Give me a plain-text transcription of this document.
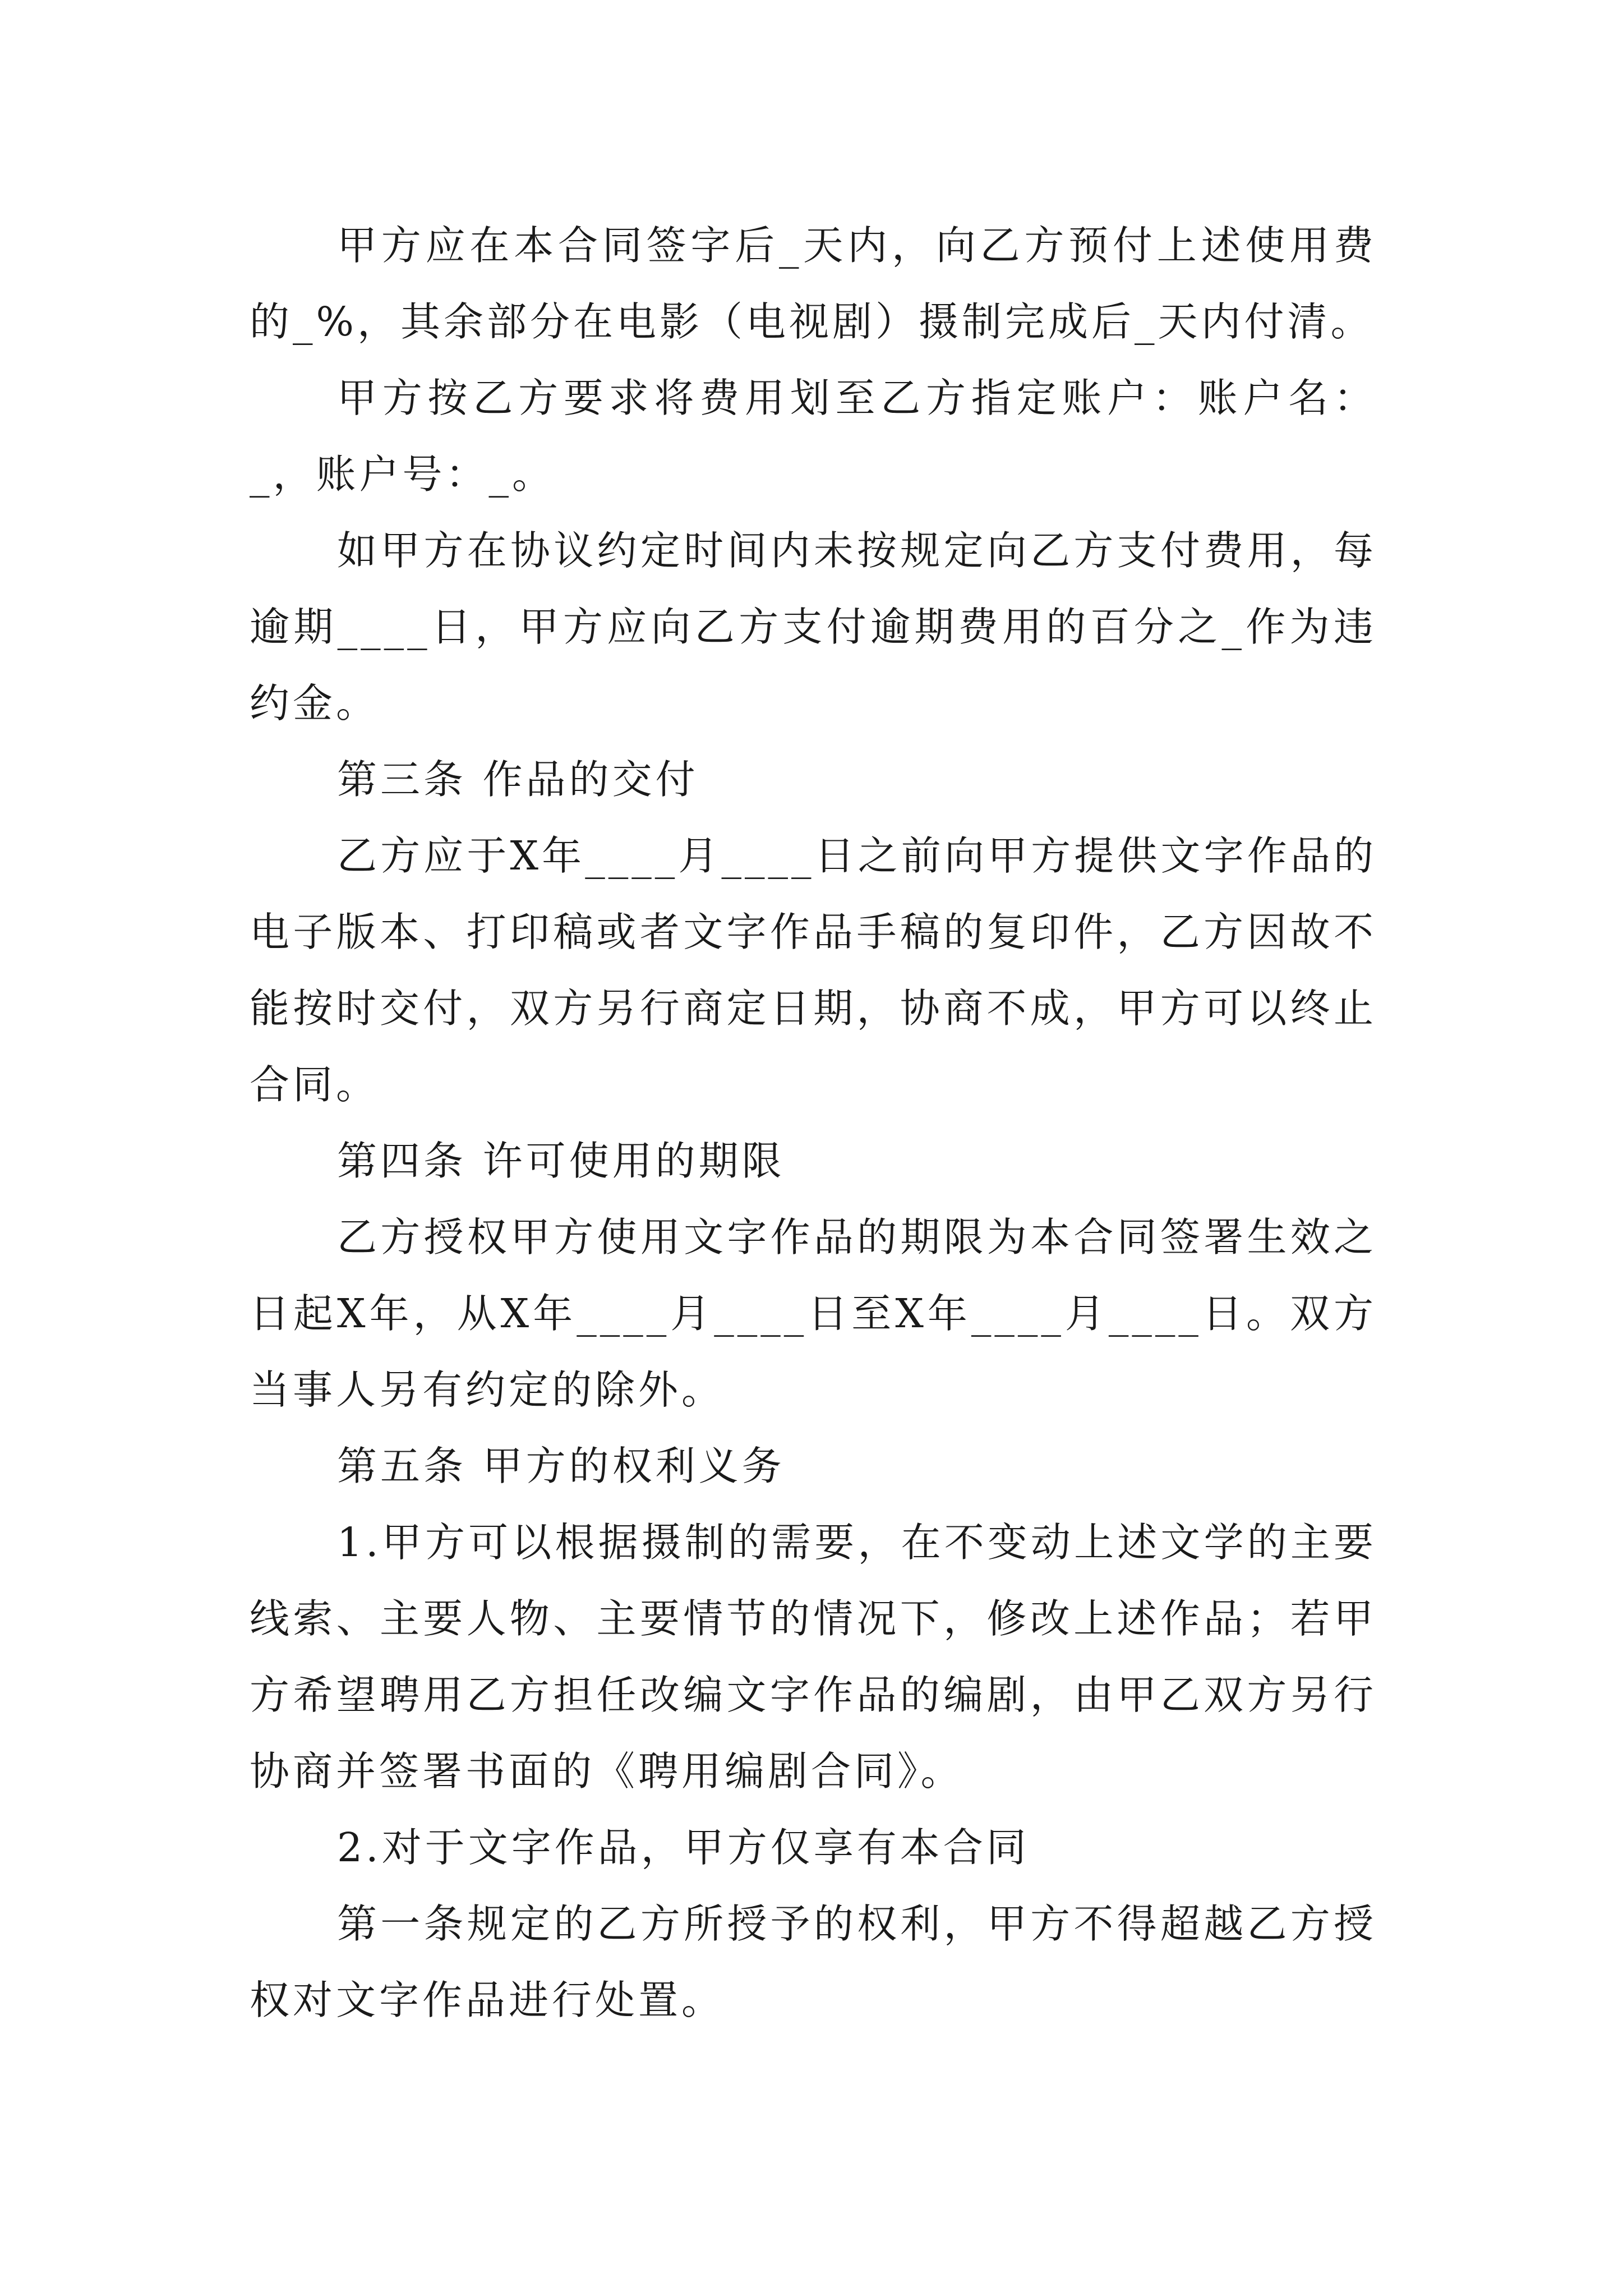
甲方应在本合同签字后_天内，向乙方预付上述使用费的_%，其余部分在电影（电视剧）摄制完成后_天内付清。

甲方按乙方要求将费用划至乙方指定账户：账户名：_，账户号：_。

如甲方在协议约定时间内未按规定向乙方支付费用，每逾期____日，甲方应向乙方支付逾期费用的百分之_作为违约金。

第三条 作品的交付

乙方应于X年____月____日之前向甲方提供文字作品的电子版本、打印稿或者文字作品手稿的复印件，乙方因故不能按时交付，双方另行商定日期，协商不成，甲方可以终止合同。

第四条 许可使用的期限

乙方授权甲方使用文字作品的期限为本合同签署生效之日起X年，从X年____月____日至X年____月____日。双方当事人另有约定的除外。

第五条 甲方的权利义务

1.甲方可以根据摄制的需要，在不变动上述文学的主要线索、主要人物、主要情节的情况下，修改上述作品；若甲方希望聘用乙方担任改编文字作品的编剧，由甲乙双方另行协商并签署书面的《聘用编剧合同》。

2.对于文字作品，甲方仅享有本合同

第一条规定的乙方所授予的权利，甲方不得超越乙方授权对文字作品进行处置。
